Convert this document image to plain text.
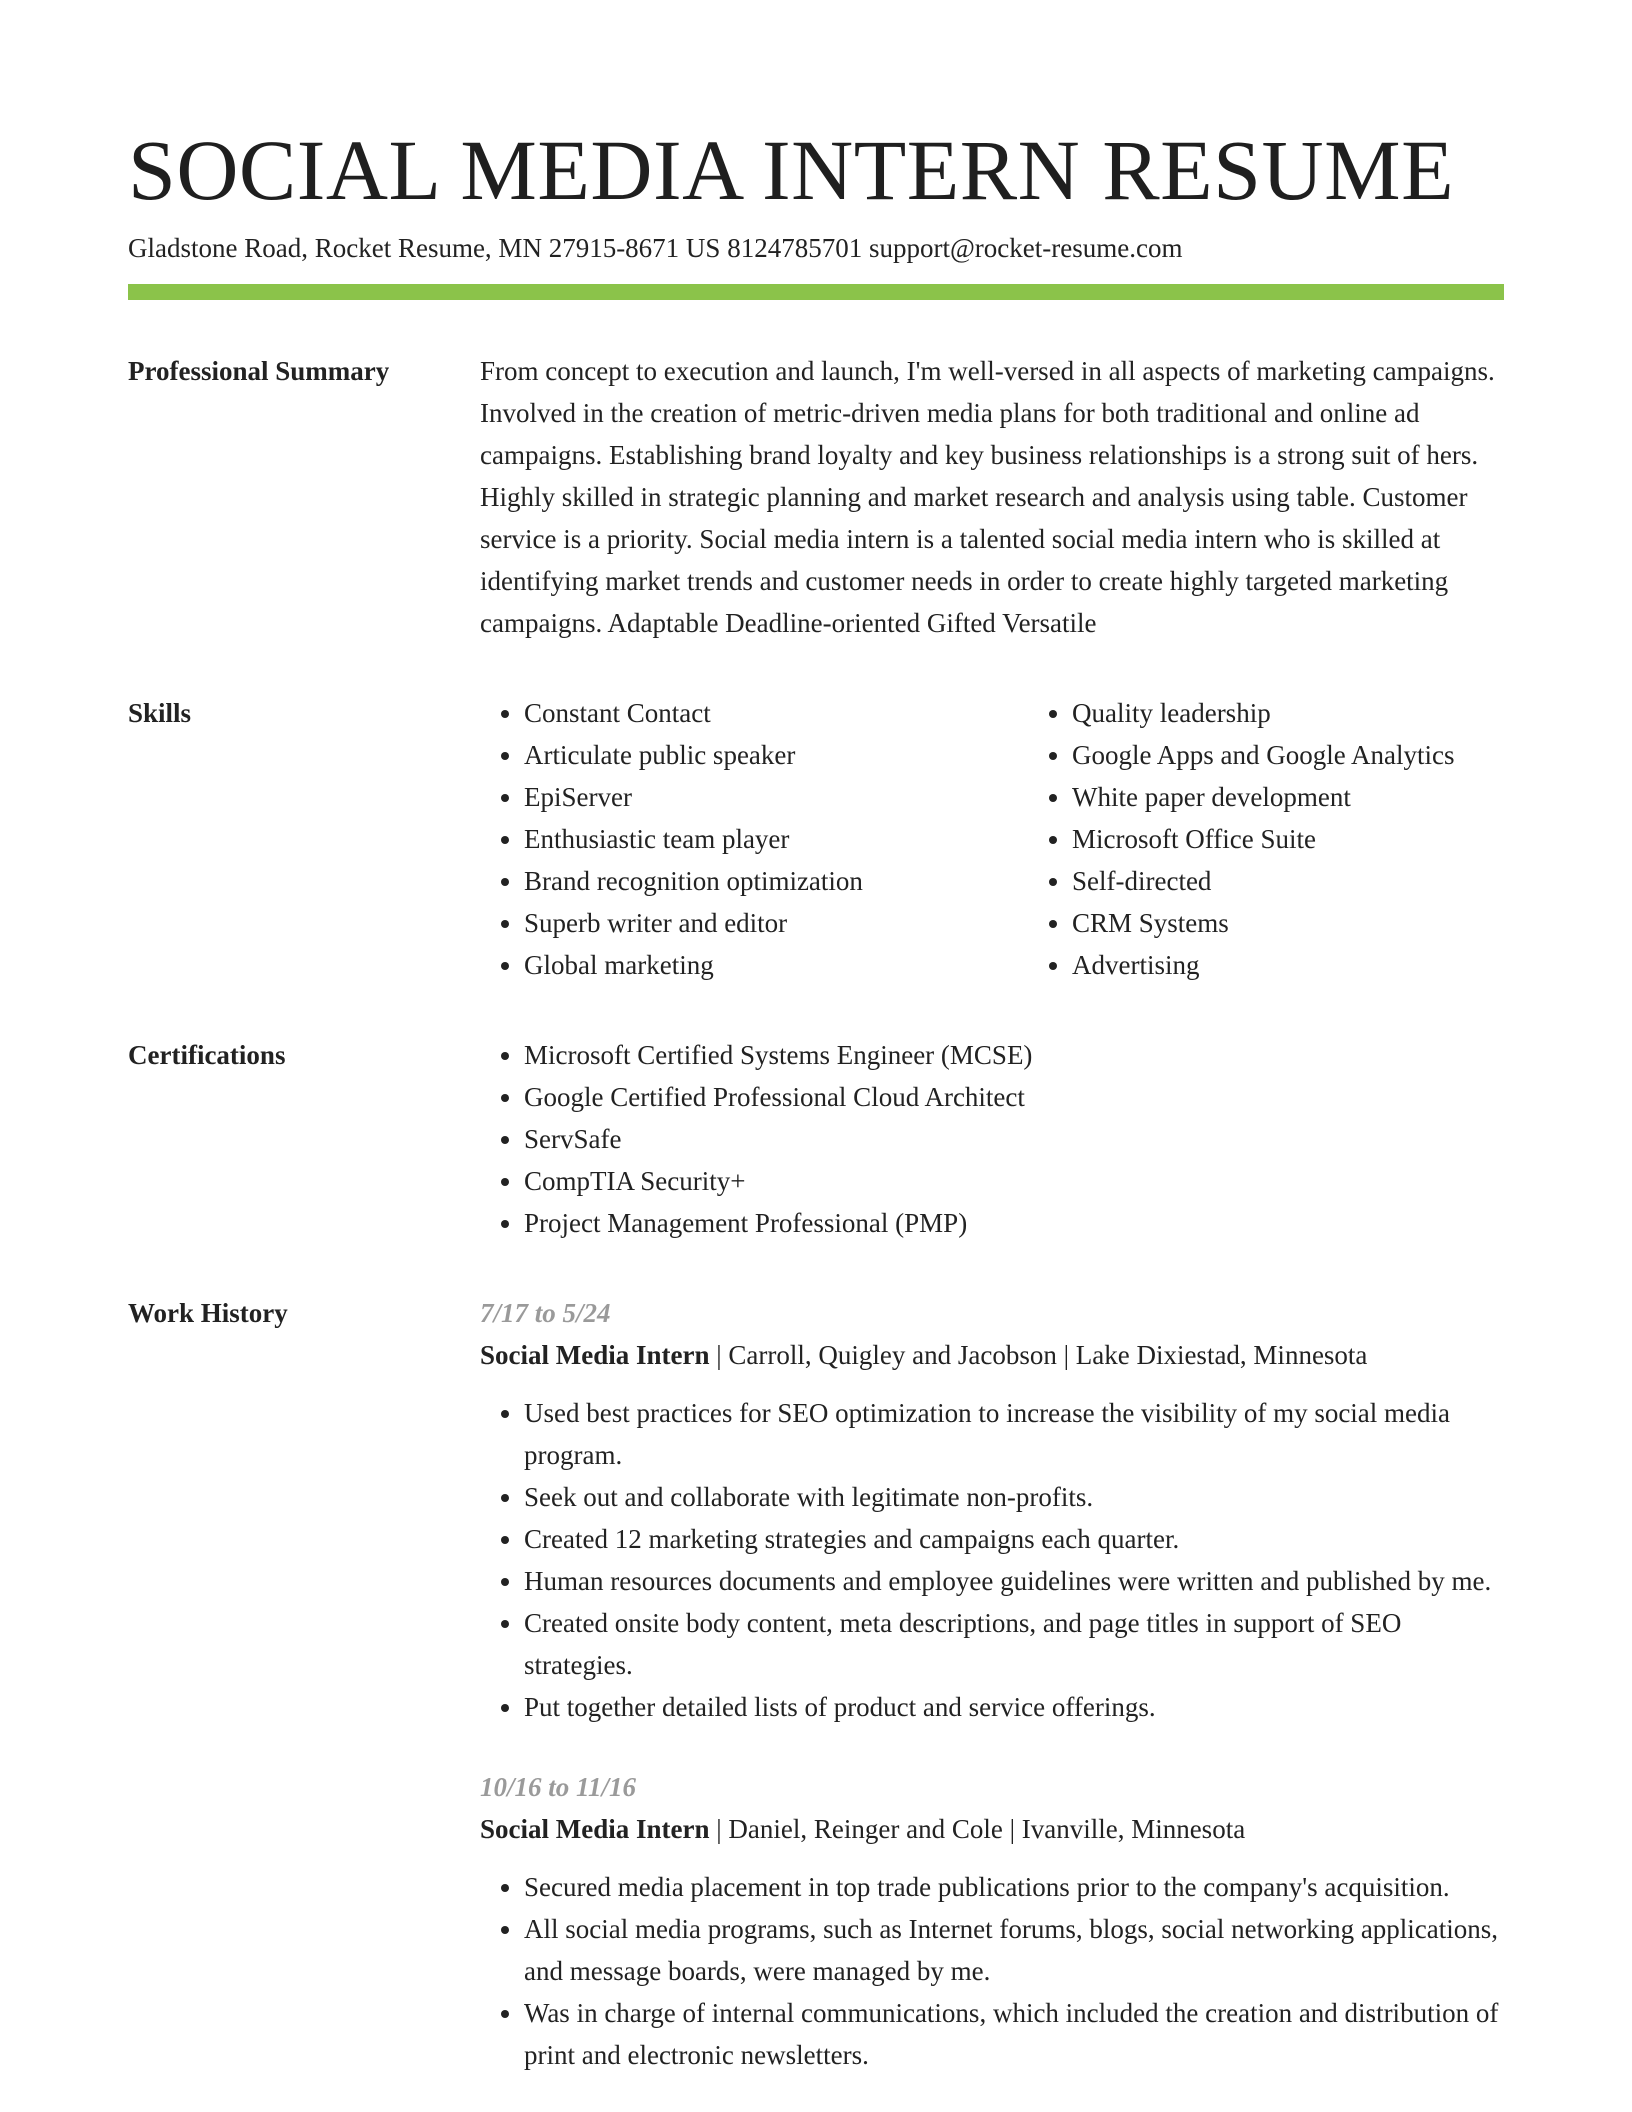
SOCIAL MEDIA INTERN RESUME
Gladstone Road, Rocket Resume, MN 27915-8671 US 8124785701 support@rocket-resume.com
Professional Summary	From concept to execution and launch, I'm well-versed in all aspects of marketing campaigns. Involved in the creation of metric-driven media plans for both traditional and online ad campaigns. Establishing brand loyalty and key business relationships is a strong suit of hers. Highly skilled in strategic planning and market research and analysis using table. Customer service is a priority. Social media intern is a talented social media intern who is skilled at identifying market trends and customer needs in order to create highly targeted marketing campaigns. Adaptable Deadline-oriented Gifted Versatile

Skills	• Constant Contact
• Articulate public speaker
• EpiServer
• Enthusiastic team player
• Brand recognition optimization
• Superb writer and editor
• Global marketing
• Quality leadership
• Google Apps and Google Analytics
• White paper development
• Microsoft Office Suite
• Self-directed
• CRM Systems
• Advertising
Certifications	• Microsoft Certified Systems Engineer (MCSE)
• Google Certified Professional Cloud Architect
• ServSafe
• CompTIA Security+
• Project Management Professional (PMP)
Work History	7/17 to 5/24
Social Media Intern | Carroll, Quigley and Jacobson | Lake Dixiestad, Minnesota
• Used best practices for SEO optimization to increase the visibility of my social media program.
• Seek out and collaborate with legitimate non-profits.
• Created 12 marketing strategies and campaigns each quarter.
• Human resources documents and employee guidelines were written and published by me.
• Created onsite body content, meta descriptions, and page titles in support of SEO strategies.
• Put together detailed lists of product and service offerings.
10/16 to 11/16
Social Media Intern | Daniel, Reinger and Cole | Ivanville, Minnesota
• Secured media placement in top trade publications prior to the company's acquisition.
• All social media programs, such as Internet forums, blogs, social networking applications, and message boards, were managed by me.
• Was in charge of internal communications, which included the creation and distribution of print and electronic newsletters.
